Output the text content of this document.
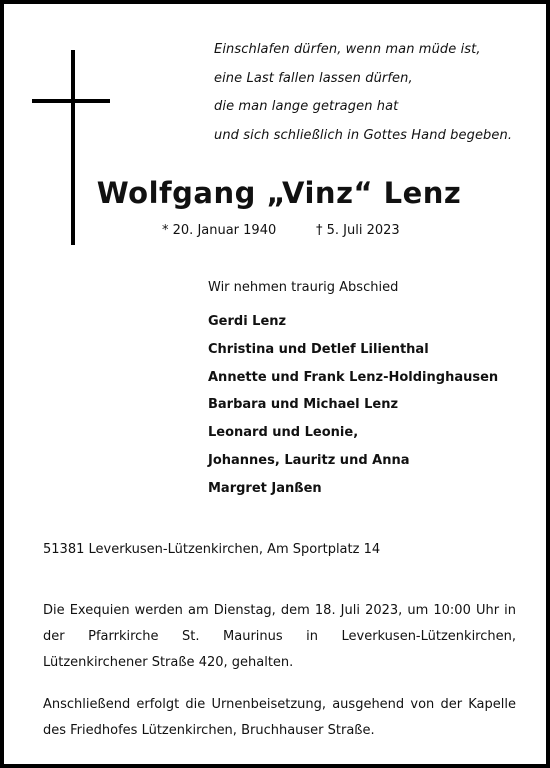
Einschlafen dürfen, wenn man müde ist,
eine Last fallen lassen dürfen,
die man lange getragen hat
und sich schließlich in Gottes Hand begeben.
Wolfgang „Vinz“ Lenz
* 20. Januar 1940	† 5. Juli 2023
Wir nehmen traurig Abschied
Gerdi Lenz
Christina und Detlef Lilienthal
Annette und Frank Lenz-Holdinghausen
Barbara und Michael Lenz
Leonard und Leonie,
Johannes, Lauritz und Anna
Margret Janßen
51381 Leverkusen-Lützenkirchen, Am Sportplatz 14
Die Exequien werden am Dienstag, dem 18. Juli 2023, um 10:00 Uhr in der Pfarrkirche St. Maurinus in Leverkusen-Lützenkirchen, Lützenkirchener Straße 420, gehalten.
Anschließend erfolgt die Urnenbeisetzung, ausgehend von der Kapelle des Friedhofes Lützenkirchen, Bruchhauser Straße.
